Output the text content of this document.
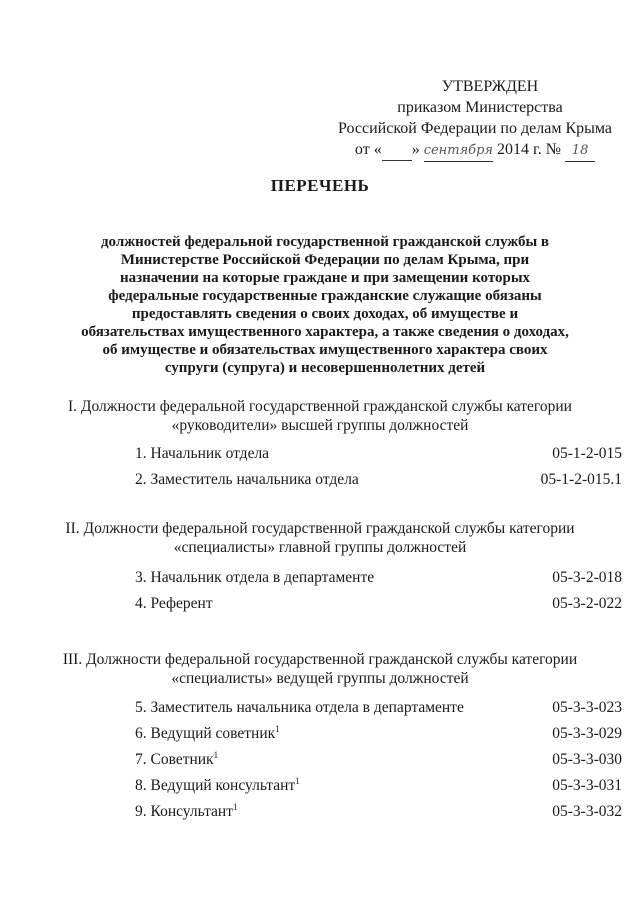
УТВЕРЖДЕН
приказом Министерства
Российской Федерации по делам Крыма
от « » сентября 2014 г. № 18
ПЕРЕЧЕНЬ
должностей федеральной государственной гражданской службы в Министерстве Российской Федерации по делам Крыма, при назначении на которые граждане и при замещении которых федеральные государственные гражданские служащие обязаны предоставлять сведения о своих доходах, об имуществе и обязательствах имущественного характера, а также сведения о доходах, об имуществе и обязательствах имущественного характера своих супруги (супруга) и несовершеннолетних детей
I. Должности федеральной государственной гражданской службы категории «руководители» высшей группы должностей
1. Начальник отдела	05-1-2-015
2. Заместитель начальника отдела	05-1-2-015.1
II. Должности федеральной государственной гражданской службы категории «специалисты» главной группы должностей
3. Начальник отдела в департаменте	05-3-2-018
4. Референт	05-3-2-022
III. Должности федеральной государственной гражданской службы категории «специалисты» ведущей группы должностей
5. Заместитель начальника отдела в департаменте	05-3-3-023
6. Ведущий советник$^1$	05-3-3-029
7. Советник$^1$	05-3-3-030
8. Ведущий консультант$^1$	05-3-3-031
9. Консультант$^1$	05-3-3-032
